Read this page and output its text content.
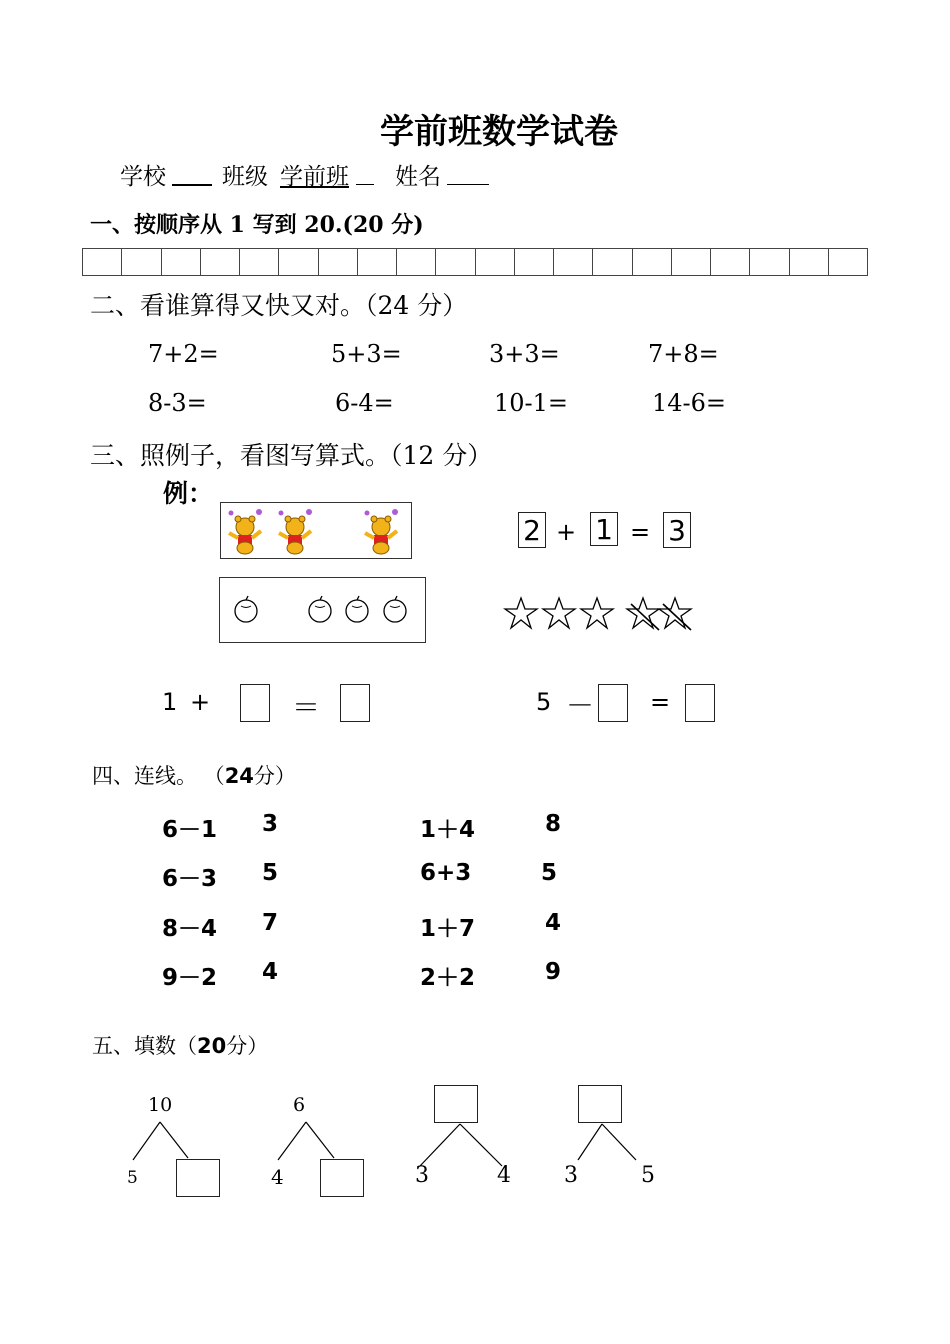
学前班数学试卷
学校 班级 学前班	姓名
一、按顺序从 1 写到 20.(20 分)
二、看谁算得又快又对。（24 分）
7+2=	5+3=	3+3=	7+8=
8-3=	6-4=	10-1=	14-6=
三、照例子，看图写算式。（12 分）
例：
2 + 1 = 3
1 +	＝	5 － =
四、连线。 （24分）
6－1 3	1＋4	8
6－3 5	6+3	5
8－4 7	1＋7	4
9－2 4	2＋2	9
五、填数（20分）
10
5
6
4	3	4 3	5
